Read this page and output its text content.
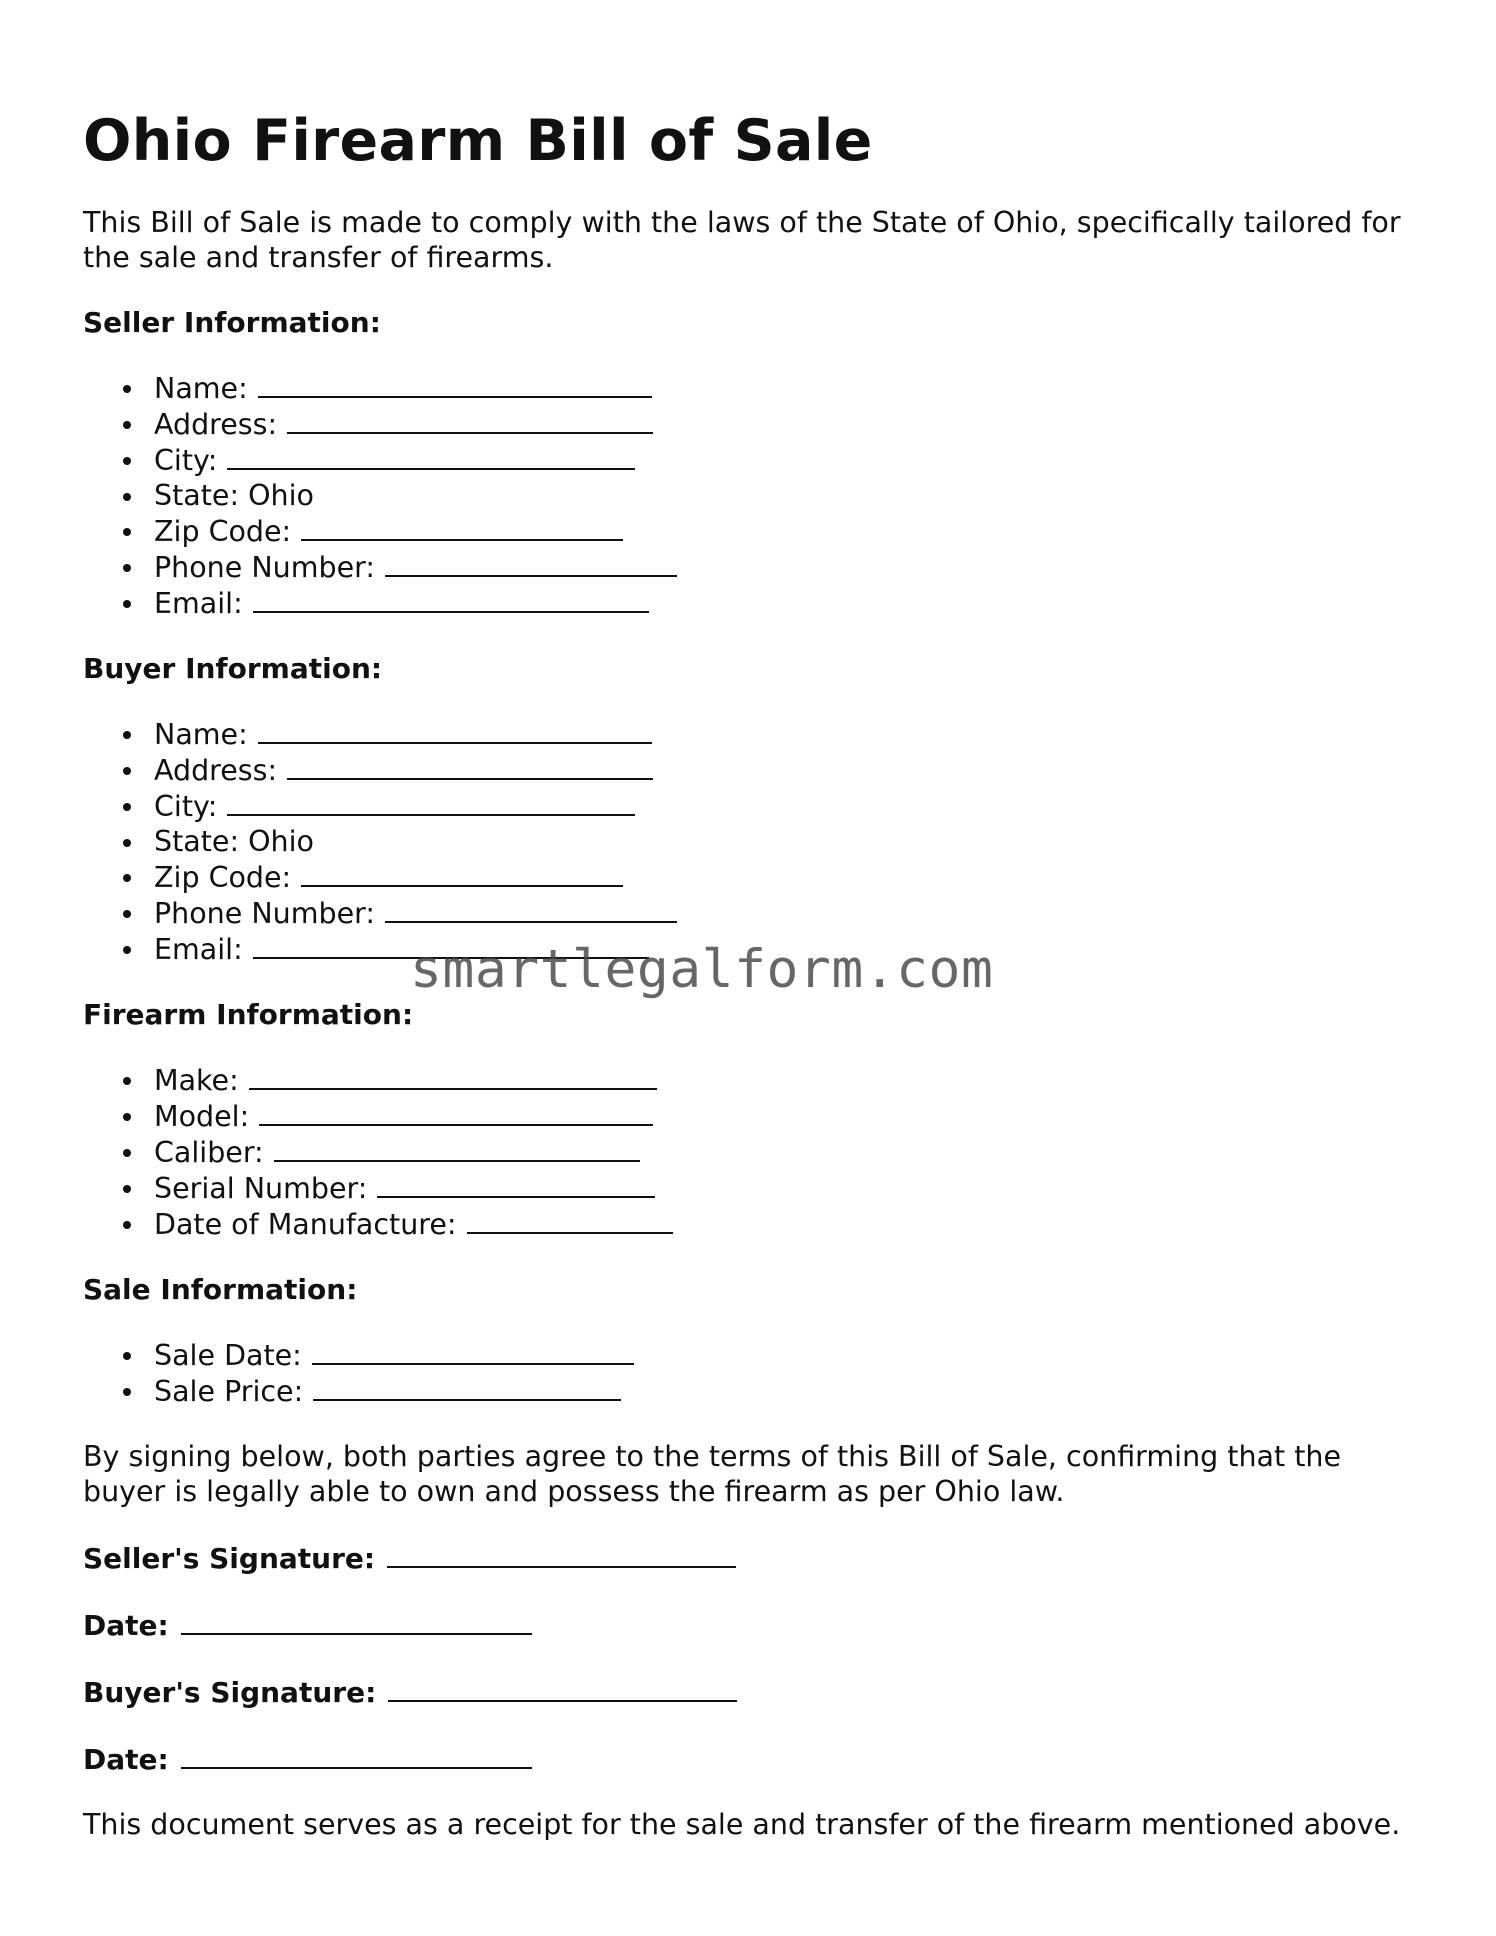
Ohio Firearm Bill of Sale

This Bill of Sale is made to comply with the laws of the State of Ohio, specifically tailored for the sale and transfer of firearms.

Seller Information:
Name:
Address:
City:
State: Ohio
Zip Code:
Phone Number:
Email:
Buyer Information:
Name:
Address:
City:
State: Ohio
Zip Code:
Phone Number:
Email:
Firearm Information:
Make:
Model:
Caliber:
Serial Number:
Date of Manufacture:
Sale Information:
Sale Date:
Sale Price:

By signing below, both parties agree to the terms of this Bill of Sale, confirming that the buyer is legally able to own and possess the firearm as per Ohio law.

Seller's Signature:
Date:
Buyer's Signature:
Date:

This document serves as a receipt for the sale and transfer of the firearm mentioned above.

smartlegalform.com
